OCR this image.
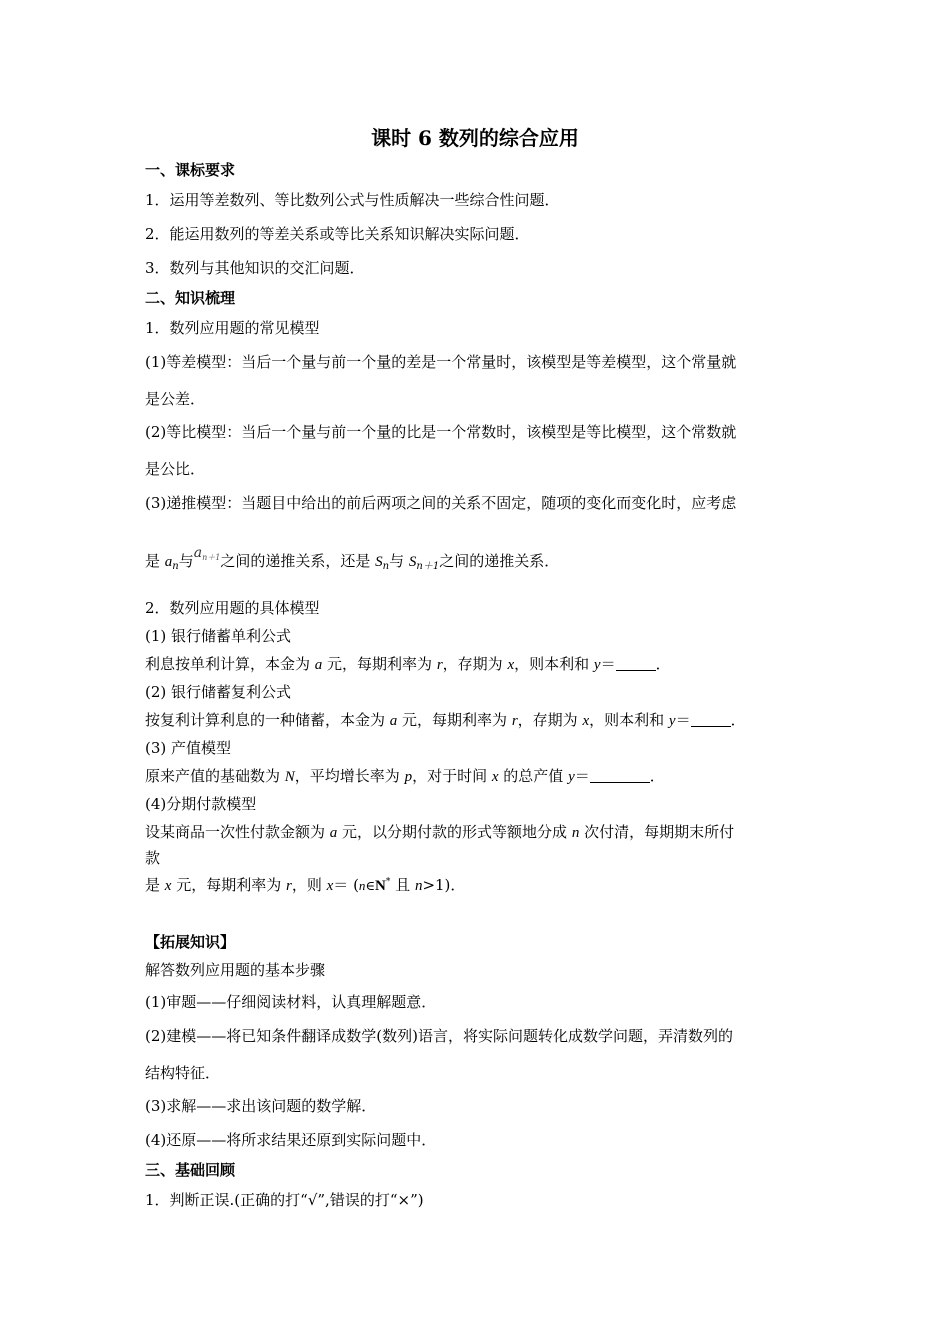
课时 6 数列的综合应用
一、课标要求
1．运用等差数列、等比数列公式与性质解决一些综合性问题．
2．能运用数列的等差关系或等比关系知识解决实际问题．
3．数列与其他知识的交汇问题．
二、知识梳理
1．数列应用题的常见模型
(1)等差模型：当后一个量与前一个量的差是一个常量时，该模型是等差模型，这个常量就
是公差．
(2)等比模型：当后一个量与前一个量的比是一个常数时，该模型是等比模型，这个常数就
是公比．
(3)递推模型：当题目中给出的前后两项之间的关系不固定，随项的变化而变化时，应考虑
是 $a_n$与$a_{n+1}$之间的递推关系，还是 $S_n$与 $S_{n+1}$之间的递推关系．
2．数列应用题的具体模型
(1) 银行储蓄单利公式
利息按单利计算，本金为 a 元，每期利率为 r，存期为 x，则本利和 y＝	．
(2) 银行储蓄复利公式
按复利计算利息的一种储蓄，本金为 a 元，每期利率为 r，存期为 x，则本利和 y＝	．
(3) 产值模型
原来产值的基础数为 N，平均增长率为 p，对于时间 x 的总产值 y＝	．
(4)分期付款模型
设某商品一次性付款金额为 a 元，以分期付款的形式等额地分成 n 次付清，每期期末所付
款
是 x 元，每期利率为 r，则 x＝ (n∈N* 且 n>1)．
【拓展知识】
解答数列应用题的基本步骤
(1)审题——仔细阅读材料，认真理解题意．
(2)建模——将已知条件翻译成数学(数列)语言，将实际问题转化成数学问题，弄清数列的
结构特征．
(3)求解——求出该问题的数学解．
(4)还原——将所求结果还原到实际问题中．
三、基础回顾
1．判断正误.(正确的打“√”,错误的打“×”)
